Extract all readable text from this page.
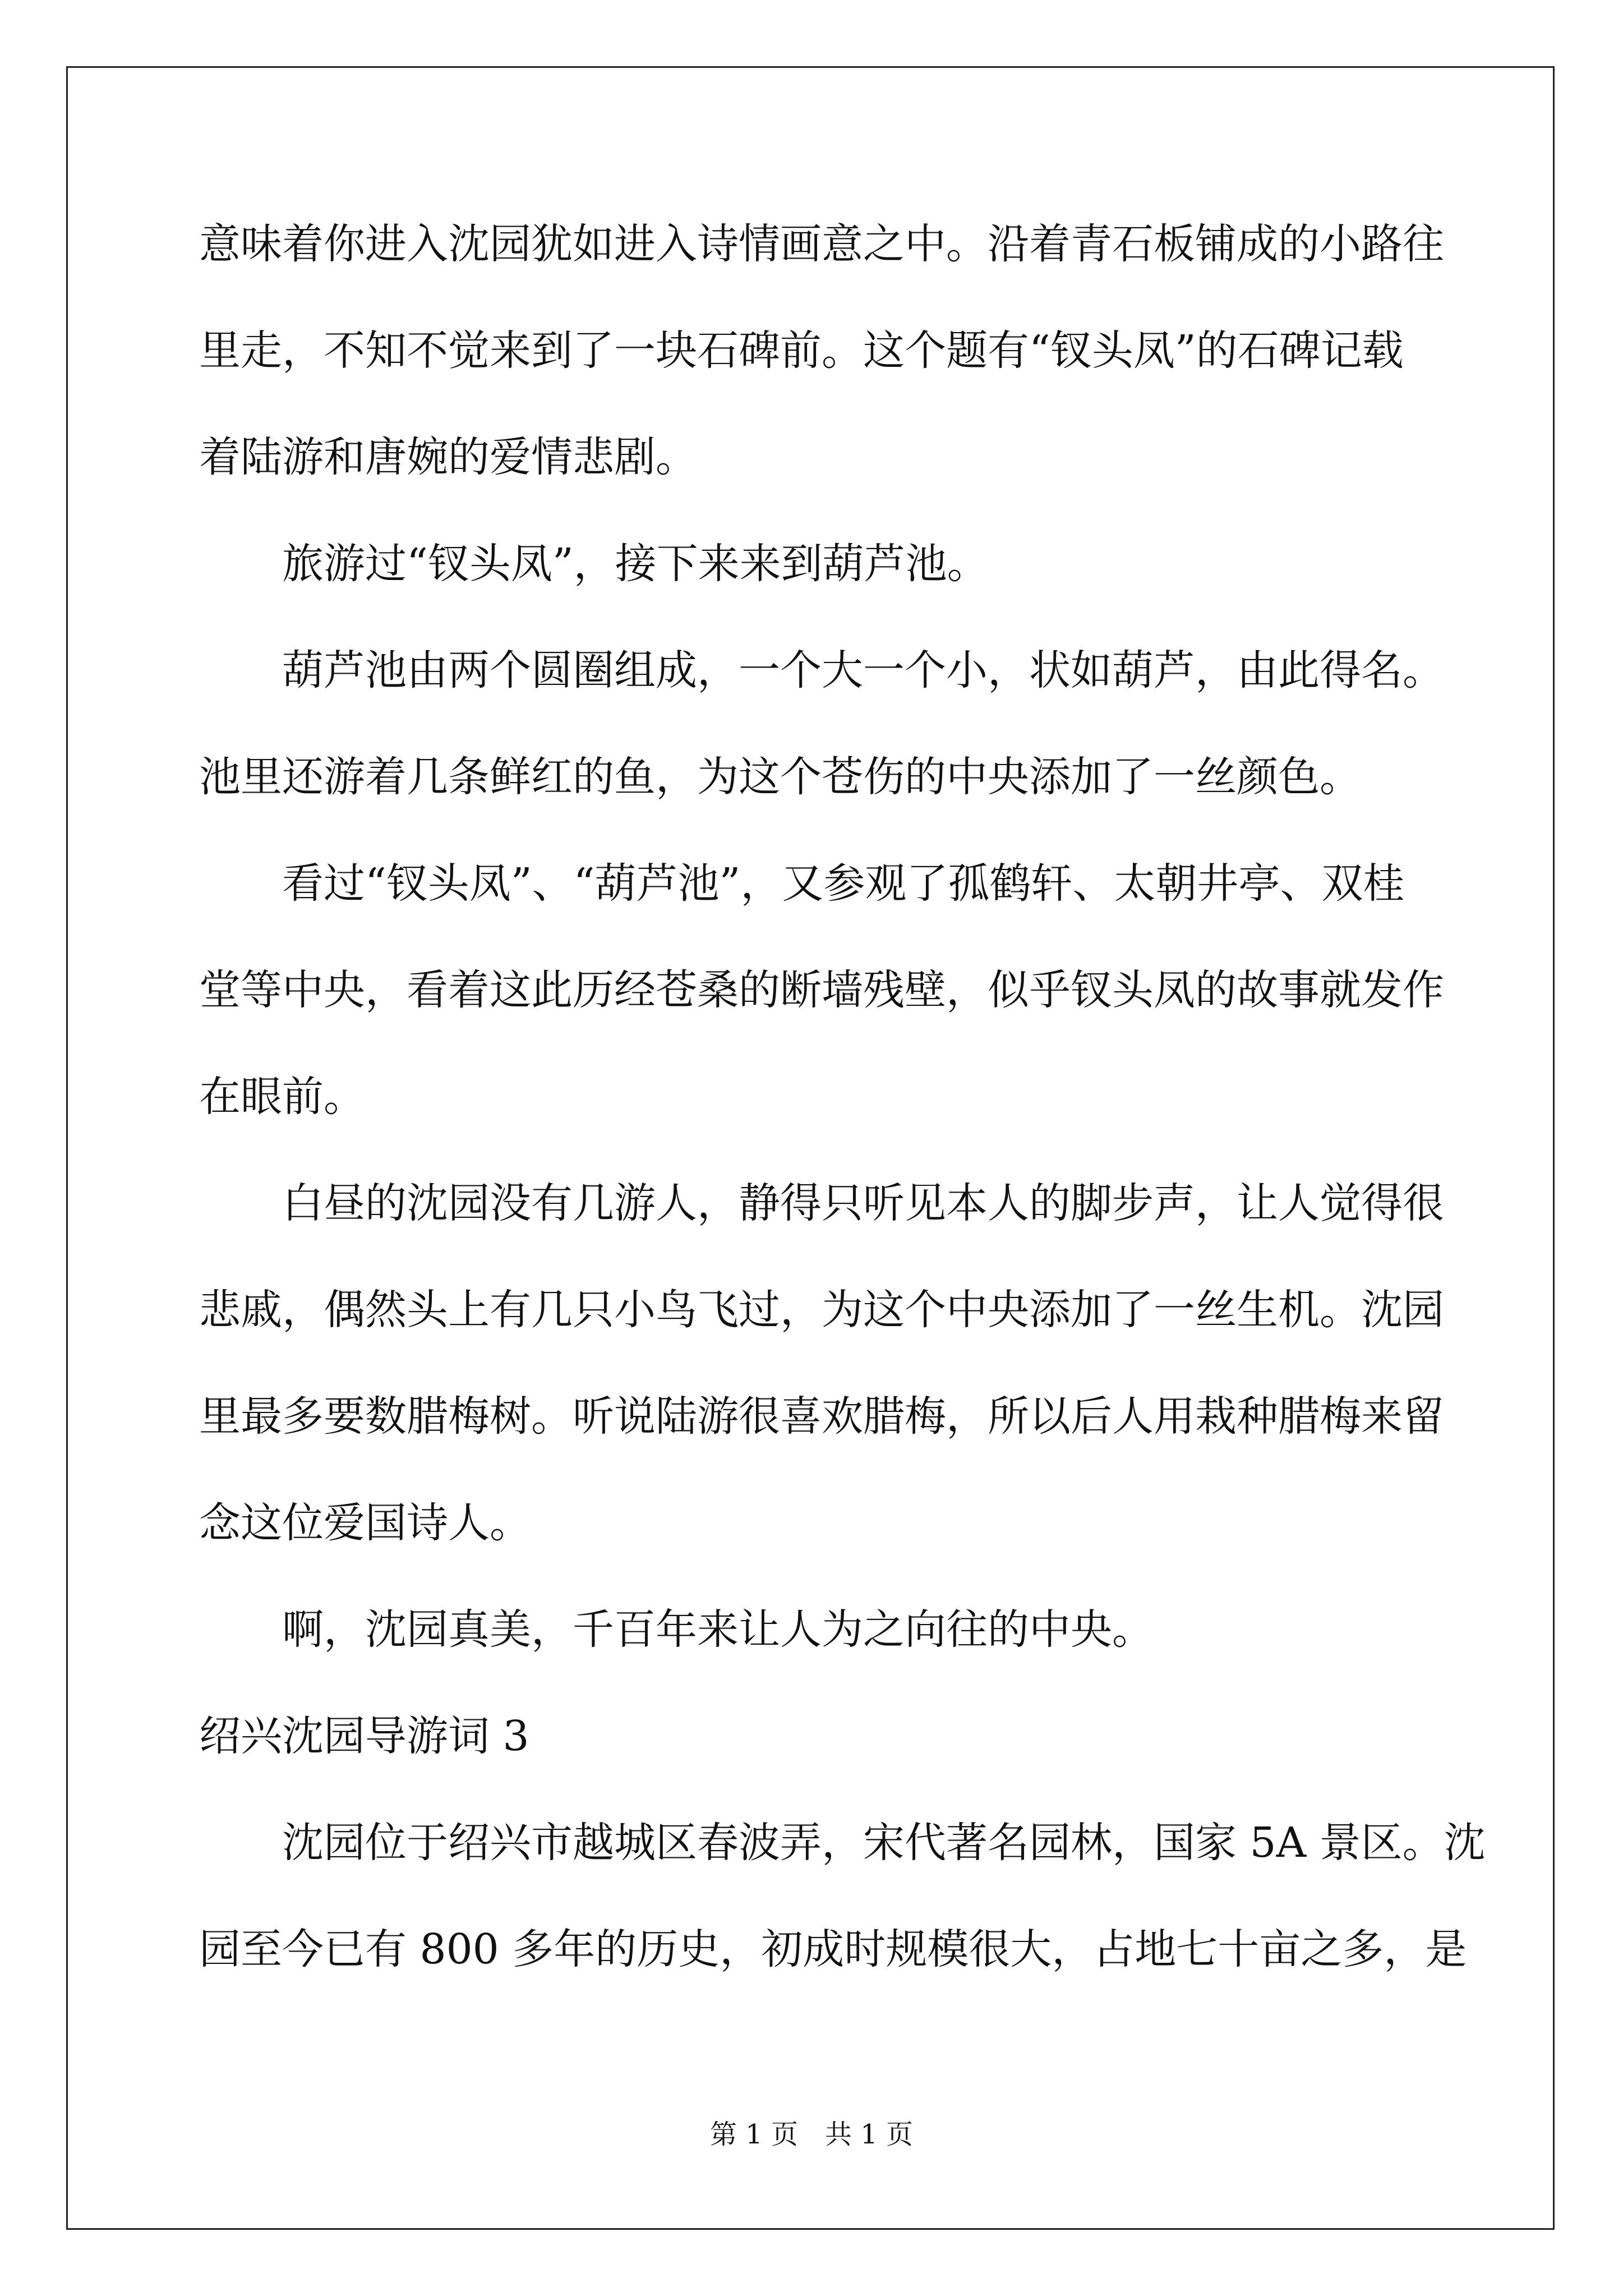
意味着你进入沈园犹如进入诗情画意之中。沿着青石板铺成的小路往
里走，不知不觉来到了一块石碑前。这个题有“钗头凤”的石碑记载
着陆游和唐婉的爱情悲剧。
旅游过“钗头凤”，接下来来到葫芦池。
葫芦池由两个圆圈组成，一个大一个小，状如葫芦，由此得名。
池里还游着几条鲜红的鱼，为这个苍伤的中央添加了一丝颜色。
看过“钗头凤”、“葫芦池”，又参观了孤鹤轩、太朝井亭、双桂
堂等中央，看着这此历经苍桑的断墙残壁，似乎钗头凤的故事就发作
在眼前。
白昼的沈园没有几游人，静得只听见本人的脚步声，让人觉得很
悲戚，偶然头上有几只小鸟飞过，为这个中央添加了一丝生机。沈园
里最多要数腊梅树。听说陆游很喜欢腊梅，所以后人用栽种腊梅来留
念这位爱国诗人。
啊，沈园真美，千百年来让人为之向往的中央。
绍兴沈园导游词 3
沈园位于绍兴市越城区春波弄，宋代著名园林，国家 5A 景区。沈
园至今已有 800 多年的历史，初成时规模很大，占地七十亩之多，是
第 1 页　共 1 页
